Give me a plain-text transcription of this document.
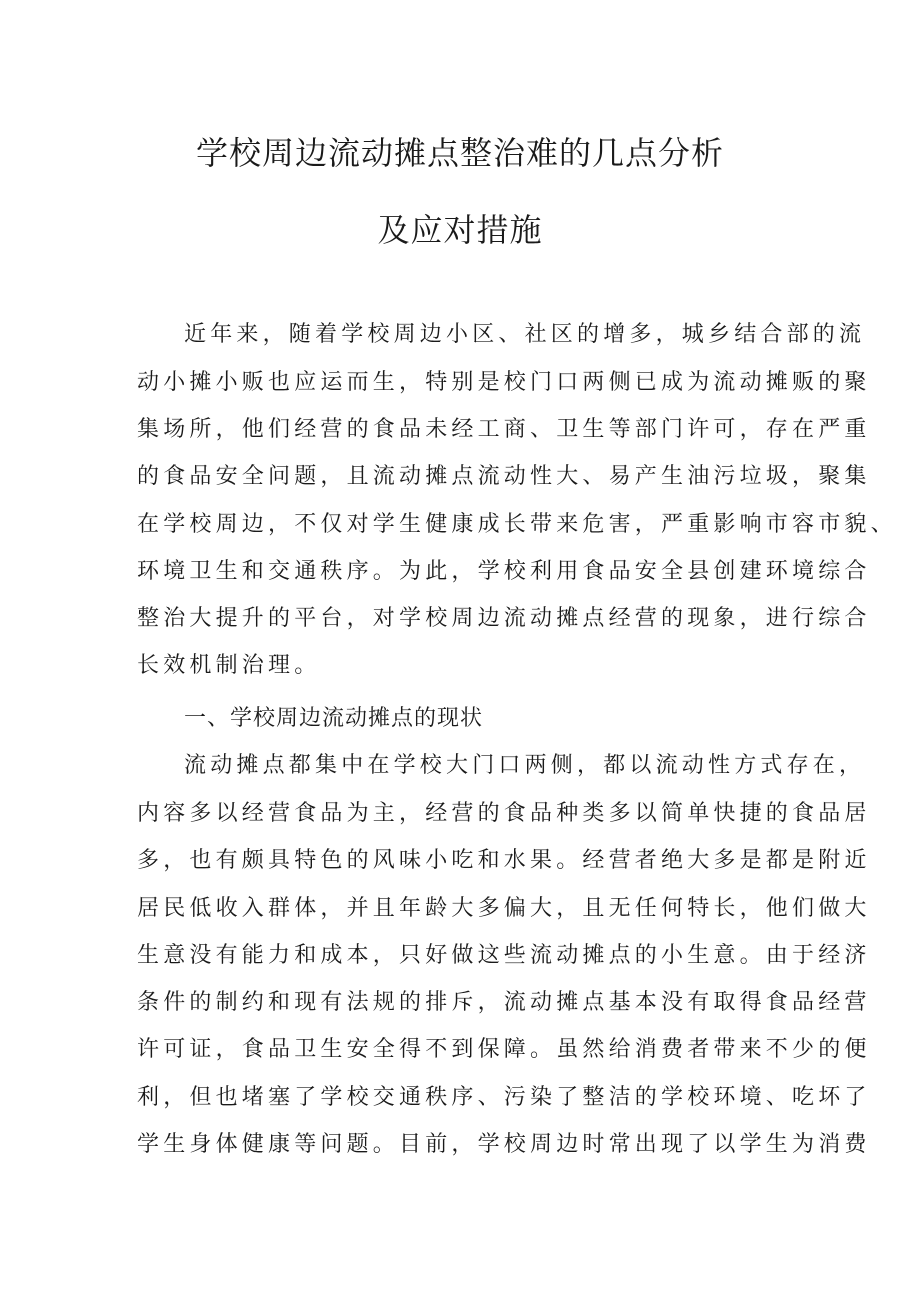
学校周边流动摊点整治难的几点分析
及应对措施
近年来，随着学校周边小区、社区的增多，城乡结合部的流
动小摊小贩也应运而生，特别是校门口两侧已成为流动摊贩的聚
集场所，他们经营的食品未经工商、卫生等部门许可，存在严重
的食品安全问题，且流动摊点流动性大、易产生油污垃圾，聚集
在学校周边，不仅对学生健康成长带来危害，严重影响市容市貌、
环境卫生和交通秩序。为此，学校利用食品安全县创建环境综合
整治大提升的平台，对学校周边流动摊点经营的现象，进行综合
长效机制治理。
一、学校周边流动摊点的现状
流动摊点都集中在学校大门口两侧，都以流动性方式存在，
内容多以经营食品为主，经营的食品种类多以简单快捷的食品居
多，也有颇具特色的风味小吃和水果。经营者绝大多是都是附近
居民低收入群体，并且年龄大多偏大，且无任何特长，他们做大
生意没有能力和成本，只好做这些流动摊点的小生意。由于经济
条件的制约和现有法规的排斥，流动摊点基本没有取得食品经营
许可证，食品卫生安全得不到保障。虽然给消费者带来不少的便
利，但也堵塞了学校交通秩序、污染了整洁的学校环境、吃坏了
学生身体健康等问题。目前，学校周边时常出现了以学生为消费
